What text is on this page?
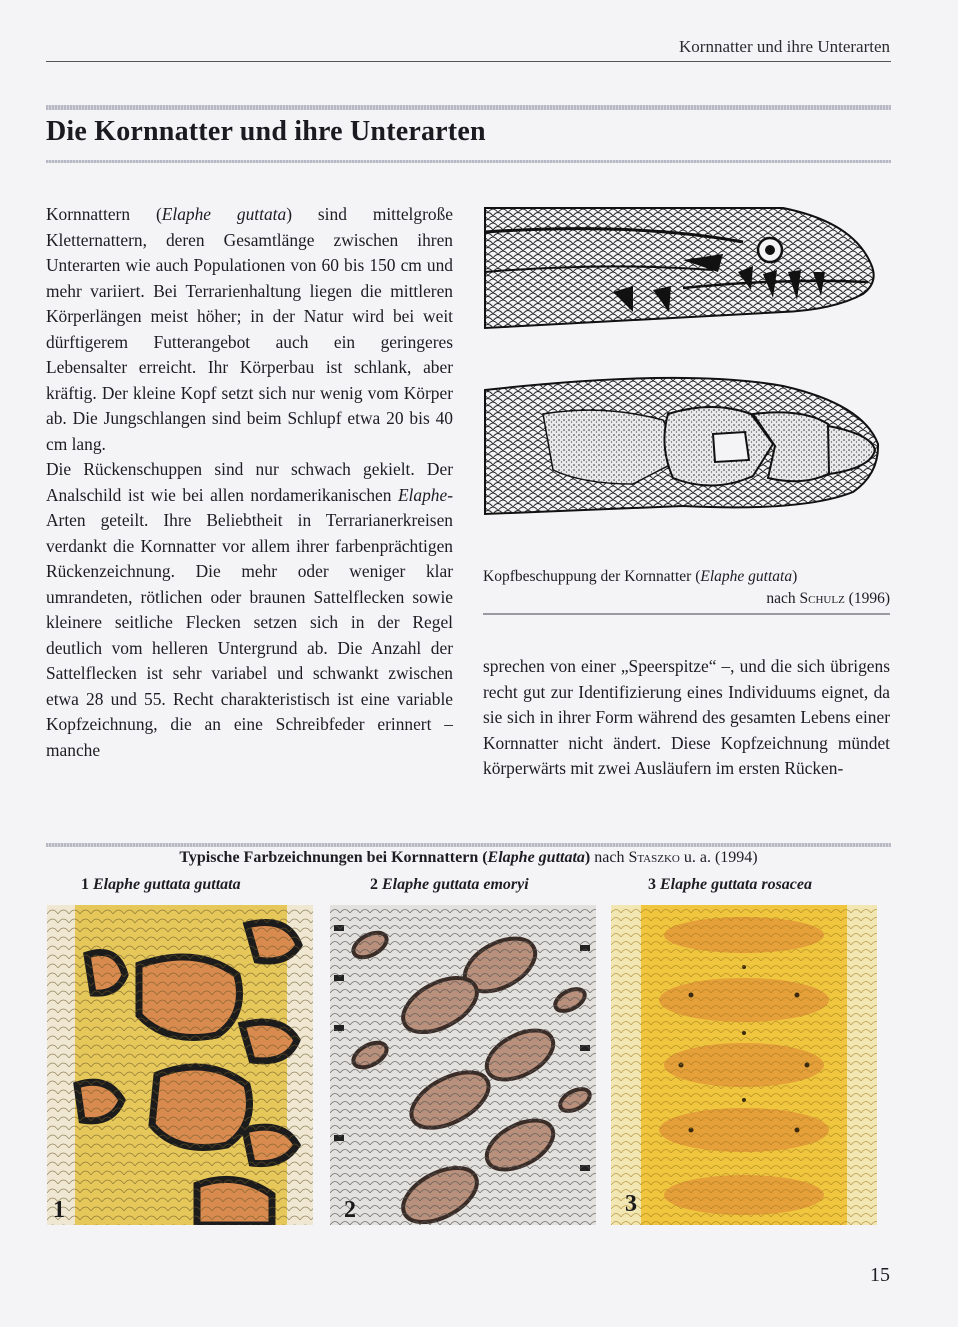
Kornnatter und ihre Unterarten
Die Kornnatter und ihre Unterarten

Kornnattern (Elaphe guttata) sind mittelgroße Kletternattern, deren Gesamtlänge zwischen ihren Unterarten wie auch Populationen von 60 bis 150 cm und mehr variiert. Bei Terrarienhaltung liegen die mittleren Körperlängen meist höher; in der Natur wird bei weit dürftigerem Futterangebot auch ein geringeres Lebensalter erreicht. Ihr Körperbau ist schlank, aber kräftig. Der kleine Kopf setzt sich nur wenig vom Körper ab. Die Jungschlangen sind beim Schlupf etwa 20 bis 40 cm lang.

Die Rückenschuppen sind nur schwach gekielt. Der Analschild ist wie bei allen nordamerikanischen Elaphe-Arten geteilt. Ihre Beliebtheit in Terrarianerkreisen verdankt die Kornnatter vor allem ihrer farbenprächtigen Rückenzeichnung. Die mehr oder weniger klar umrandeten, rötlichen oder braunen Sattelflecken sowie kleinere seitliche Flecken setzen sich in der Regel deutlich vom helleren Untergrund ab. Die Anzahl der Sattelflecken ist sehr variabel und schwankt zwischen etwa 28 und 55. Recht charakteristisch ist eine variable Kopfzeichnung, die an eine Schreibfeder erinnert – manche

Kopfbeschuppung der Kornnatter (Elaphe guttata)
nach Schulz (1996)

sprechen von einer „Speerspitze“ –, und die sich übrigens recht gut zur Identifizierung eines Individuums eignet, da sie sich in ihrer Form während des gesamten Lebens einer Kornnatter nicht ändert. Diese Kopfzeichnung mündet körperwärts mit zwei Ausläufern im ersten Rücken-

Typische Farbzeichnungen bei Kornnattern (Elaphe guttata) nach Staszko u. a. (1994)
1 Elaphe guttata guttata	2 Elaphe guttata emoryi	3 Elaphe guttata rosacea
1	2	3
15
